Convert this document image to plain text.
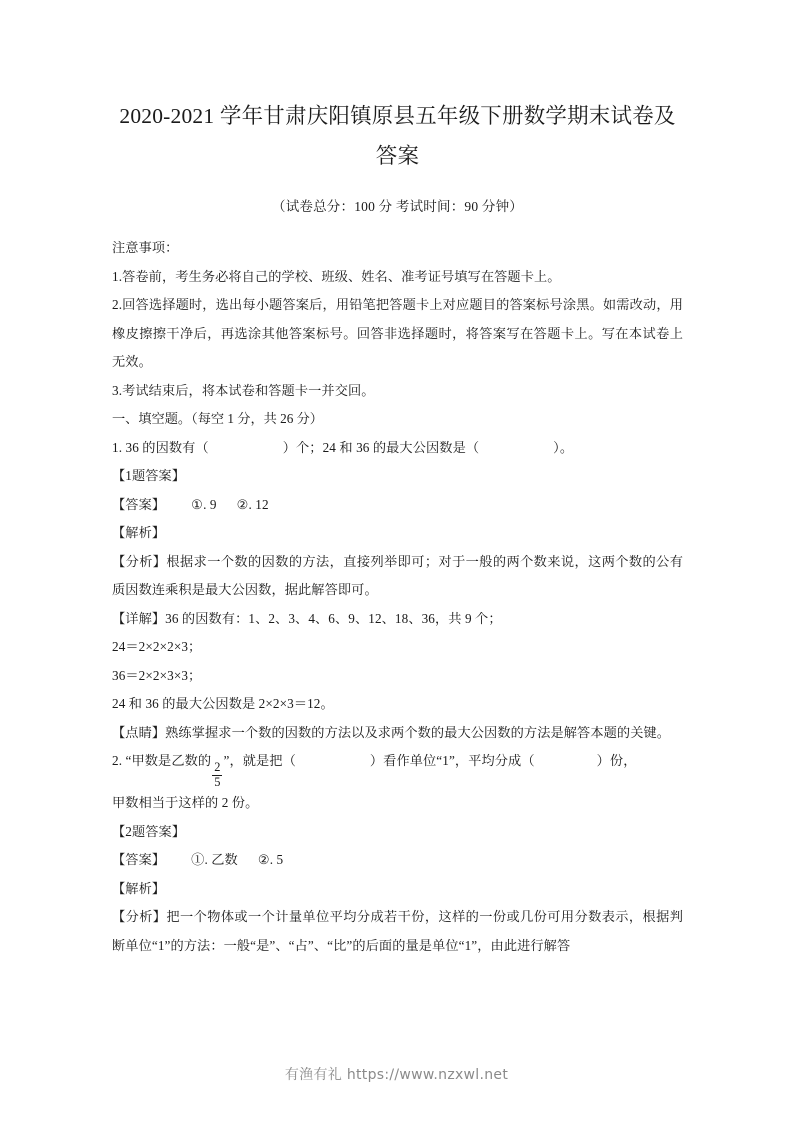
2020-2021 学年甘肃庆阳镇原县五年级下册数学期末试卷及答案
（试卷总分：100 分 考试时间：90 分钟）

注意事项：

1.答卷前，考生务必将自己的学校、班级、姓名、准考证号填写在答题卡上。

2.回答选择题时，选出每小题答案后，用铅笔把答题卡上对应题目的答案标号涂黑。如需改动，用橡皮擦擦干净后，再选涂其他答案标号。回答非选择题时，将答案写在答题卡上。写在本试卷上无效。

3.考试结束后，将本试卷和答题卡一并交回。

一、填空题。（每空 1 分，共 26 分）

1. 36 的因数有（	）个；24 和 36 的最大公因数是（	）。

【1题答案】

【答案】 ①. 9 ②. 12

【解析】

【分析】根据求一个数的因数的方法，直接列举即可；对于一般的两个数来说，这两个数的公有质因数连乘积是最大公因数，据此解答即可。

【详解】36 的因数有：1、2、3、4、6、9、12、18、36，共 9 个；

24＝2×2×2×3；

36＝2×2×3×3；

24 和 36 的最大公因数是 2×2×3＝12。

【点睛】熟练掌握求一个数的因数的方法以及求两个数的最大公因数的方法是解答本题的关键。

2. “甲数是乙数的
$\frac{2}{5}$
”，就是把（	）看作单位“1”，平均分成（	）份，

甲数相当于这样的 2 份。

【2题答案】

【答案】 ①. 乙数 ②. 5

【解析】

【分析】把一个物体或一个计量单位平均分成若干份，这样的一份或几份可用分数表示，根据判断单位“1”的方法：一般“是”、“占”、“比”的后面的量是单位“1”，由此进行解答

有渔有礼 https://www.nzxwl.net
